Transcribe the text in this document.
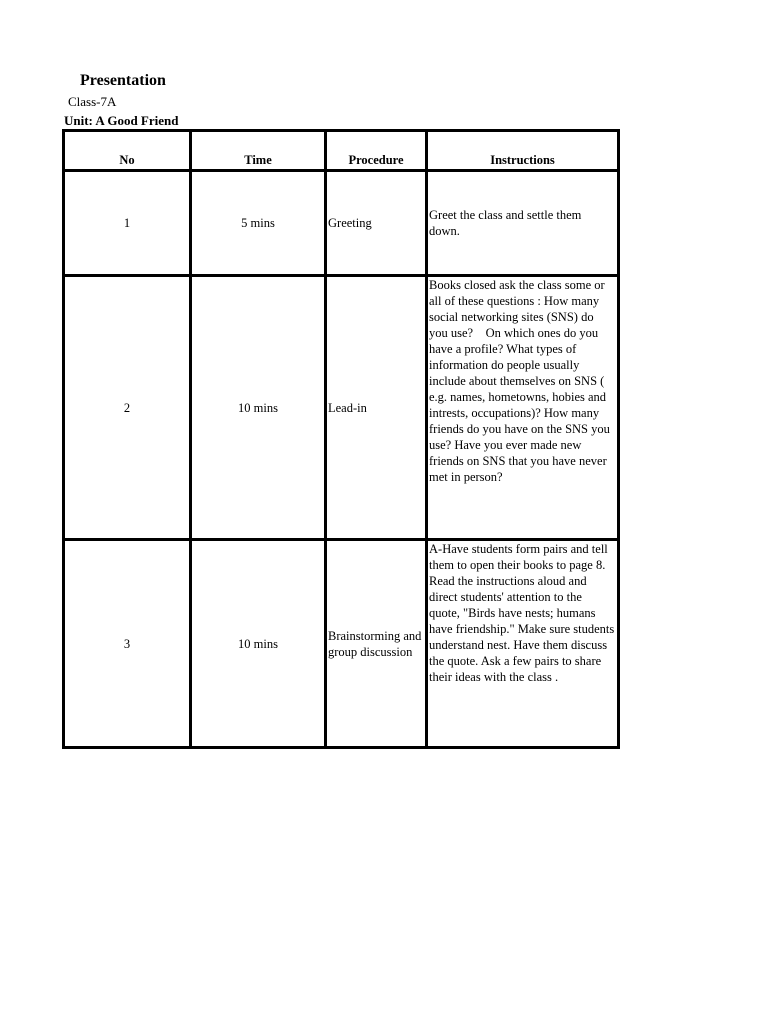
Presentation
Class-7A
Unit: A Good Friend
No	Time	Procedure	Instructions
1	5 mins	Greeting	Greet the class and settle them down.
2	10 mins	Lead-in	Books closed ask the class some or all of these questions : How many social networking sites (SNS) do you use?    On which ones do you have a profile? What types of information do people usually include about themselves on SNS ( e.g. names, hometowns, hobies and intrests, occupations)? How many friends do you have on the SNS you use? Have you ever made new friends on SNS that you have never met in person?
3	10 mins	Brainstorming and group discussion	A-Have students form pairs and tell them to open their books to page 8. Read the instructions aloud and direct students' attention to the quote, "Birds have nests; humans have friendship." Make sure students understand nest. Have them discuss the quote. Ask a few pairs to share their ideas with the class .
